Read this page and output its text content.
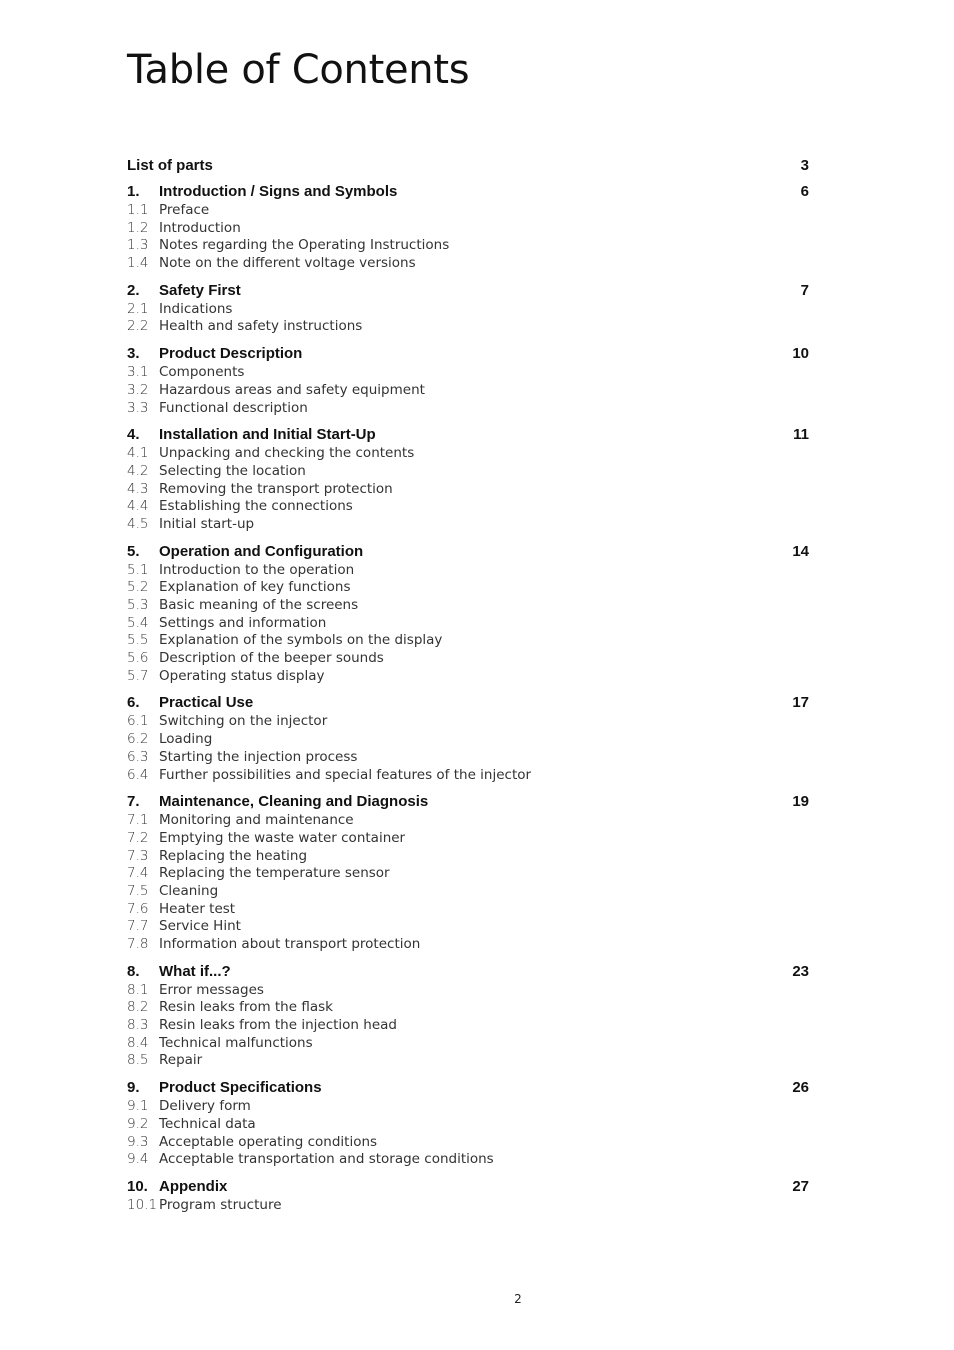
Table of Contents
List of parts	3
1.	Introduction / Signs and Symbols	6
1.1 Preface
1.2 Introduction
1.3 Notes regarding the Operating Instructions
1.4 Note on the different voltage versions
2.	Safety First	7
2.1 Indications
2.2 Health and safety instructions
3.	Product Description	10
3.1 Components
3.2 Hazardous areas and safety equipment
3.3 Functional description
4.	Installation and Initial Start-Up	11
4.1 Unpacking and checking the contents
4.2 Selecting the location
4.3 Removing the transport protection
4.4 Establishing the connections
4.5 Initial start-up
5.	Operation and Configuration	14
5.1 Introduction to the operation
5.2 Explanation of key functions
5.3 Basic meaning of the screens
5.4 Settings and information
5.5 Explanation of the symbols on the display
5.6 Description of the beeper sounds
5.7 Operating status display
6.	Practical Use	17
6.1 Switching on the injector
6.2 Loading
6.3 Starting the injection process
6.4 Further possibilities and special features of the injector
7.	Maintenance, Cleaning and Diagnosis	19
7.1 Monitoring and maintenance
7.2 Emptying the waste water container
7.3 Replacing the heating
7.4 Replacing the temperature sensor
7.5 Cleaning
7.6 Heater test
7.7 Service Hint
7.8 Information about transport protection
8.	What if...?	23
8.1 Error messages
8.2 Resin leaks from the flask
8.3 Resin leaks from the injection head
8.4 Technical malfunctions
8.5 Repair
9.	Product Specifications	26
9.1 Delivery form
9.2 Technical data
9.3 Acceptable operating conditions
9.4 Acceptable transportation and storage conditions
10. Appendix	27
10.1 Program structure
2
